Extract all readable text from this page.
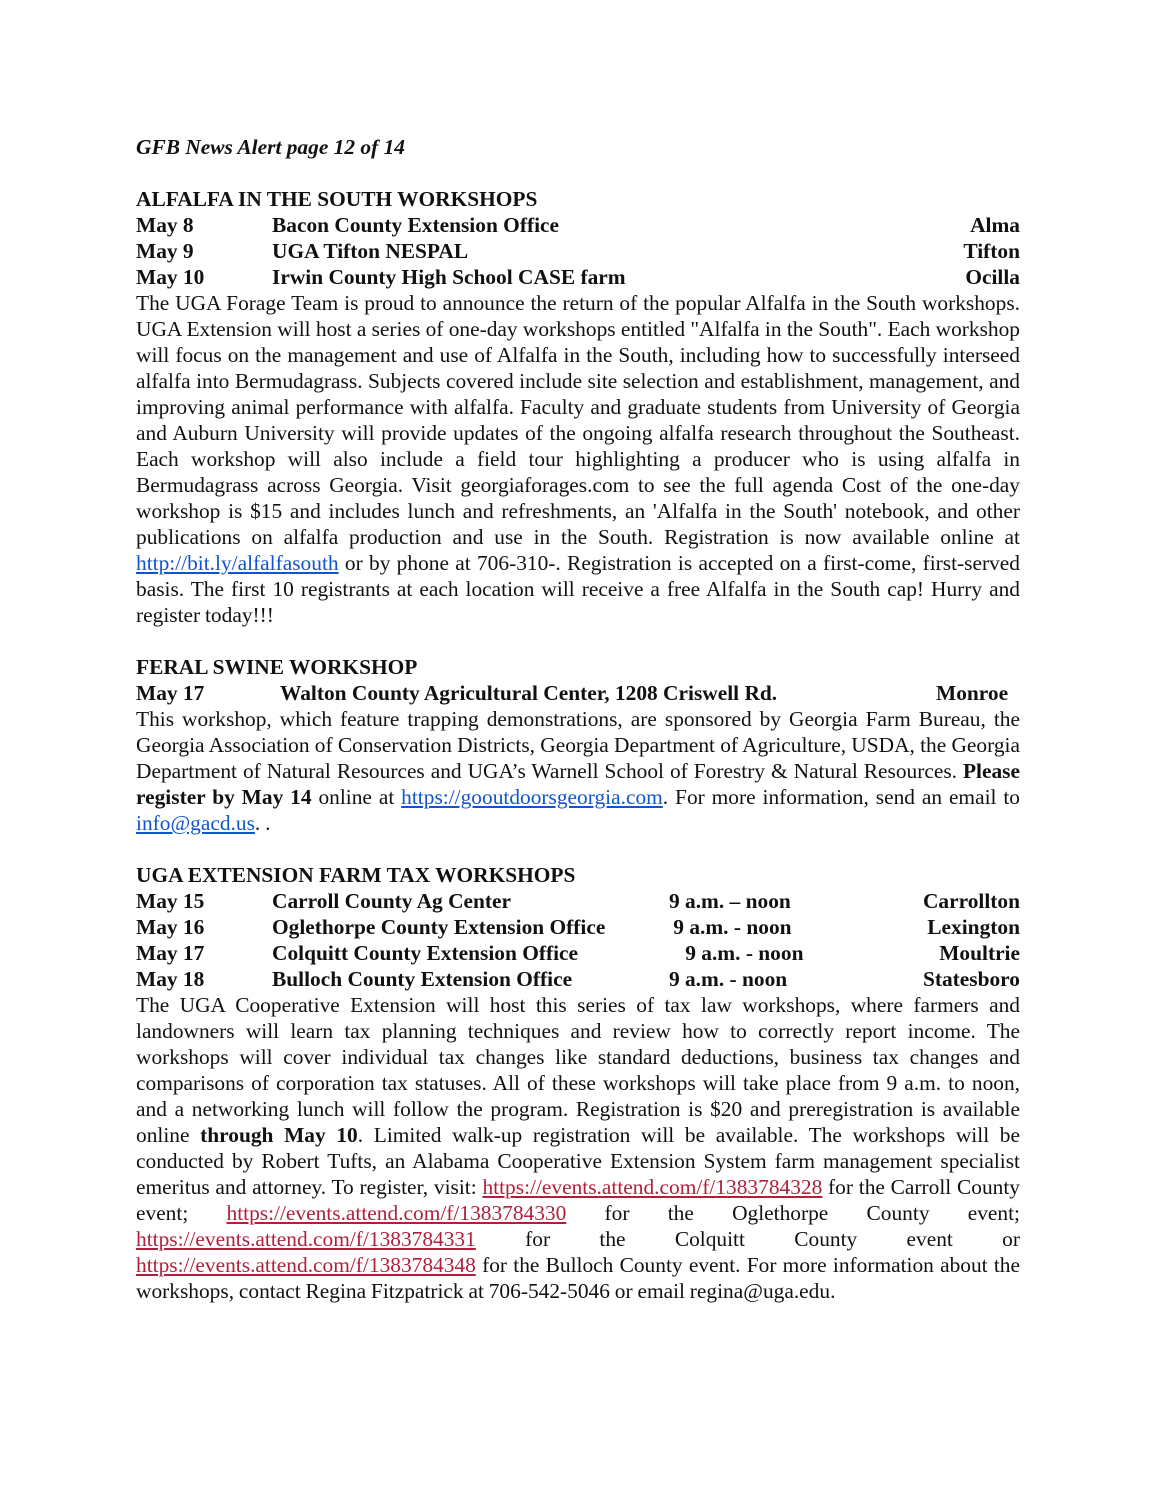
GFB News Alert page 12 of 14
ALFALFA IN THE SOUTH WORKSHOPS
May 8	Bacon County Extension Office	Alma
May 9	UGA Tifton NESPAL	Tifton
May 10	Irwin County High School CASE farm	Ocilla

The UGA Forage Team is proud to announce the return of the popular Alfalfa in the South workshops. UGA Extension will host a series of one-day workshops entitled "Alfalfa in the South". Each workshop will focus on the management and use of Alfalfa in the South, including how to successfully interseed alfalfa into Bermudagrass. Subjects covered include site selection and establishment, management, and improving animal performance with alfalfa. Faculty and graduate students from University of Georgia and Auburn University will provide updates of the ongoing alfalfa research throughout the Southeast. Each workshop will also include a field tour highlighting a producer who is using alfalfa in Bermudagrass across Georgia. Visit georgiaforages.com to see the full agenda Cost of the one-day workshop is $15 and includes lunch and refreshments, an 'Alfalfa in the South' notebook, and other publications on alfalfa production and use in the South. Registration is now available online at http://bit.ly/alfalfasouth or by phone at 706-310-. Registration is accepted on a first-come, first-served basis. The first 10 registrants at each location will receive a free Alfalfa in the South cap! Hurry and register today!!!

FERAL SWINE WORKSHOP
May 17	Walton County Agricultural Center, 1208 Criswell Rd.	Monroe

This workshop, which feature trapping demonstrations, are sponsored by Georgia Farm Bureau, the Georgia Association of Conservation Districts, Georgia Department of Agriculture, USDA, the Georgia Department of Natural Resources and UGA’s Warnell School of Forestry & Natural Resources. Please register by May 14 online at https://gooutdoorsgeorgia.com. For more information, send an email to info@gacd.us. .

UGA EXTENSION FARM TAX WORKSHOPS
May 15	Carroll County Ag Center	9 a.m. – noon	Carrollton
May 16	Oglethorpe County Extension Office	9 a.m. - noon	Lexington
May 17	Colquitt County Extension Office	9 a.m. - noon	Moultrie
May 18	Bulloch County Extension Office	9 a.m. - noon	Statesboro

The UGA Cooperative Extension will host this series of tax law workshops, where farmers and landowners will learn tax planning techniques and review how to correctly report income. The workshops will cover individual tax changes like standard deductions, business tax changes and comparisons of corporation tax statuses. All of these workshops will take place from 9 a.m. to noon, and a networking lunch will follow the program. Registration is $20 and preregistration is available online through May 10. Limited walk-up registration will be available. The workshops will be conducted by Robert Tufts, an Alabama Cooperative Extension System farm management specialist emeritus and attorney. To register, visit: https://events.attend.com/f/1383784328 for the Carroll County event; https://events.attend.com/f/1383784330 for the Oglethorpe County event; https://events.attend.com/f/1383784331 for the Colquitt County event or https://events.attend.com/f/1383784348 for the Bulloch County event. For more information about the workshops, contact Regina Fitzpatrick at 706-542-5046 or email regina@uga.edu.
